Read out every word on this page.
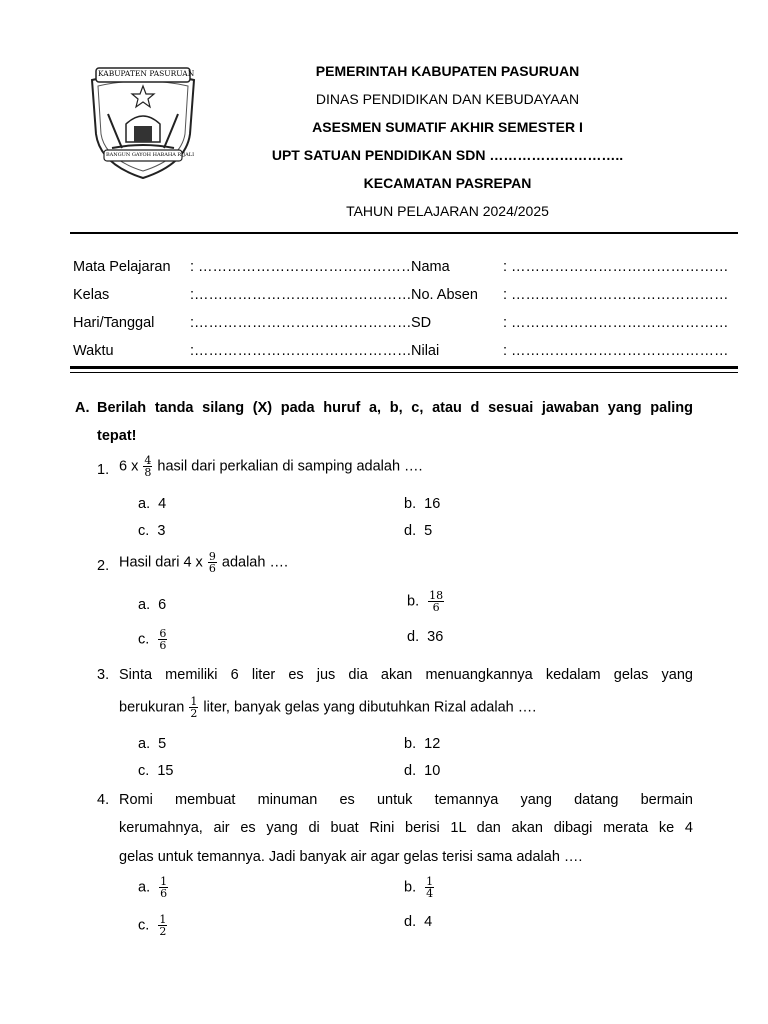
KABUPATEN PASURUAN
BANGUN GAYOH HABAHA RIJALI
PEMERINTAH KABUPATEN PASURUAN
DINAS PENDIDIKAN DAN KEBUDAYAAN
ASESMEN SUMATIF AKHIR SEMESTER I
UPT SATUAN PENDIDIKAN SDN ………………………..
KECAMATAN PASREPAN
TAHUN PELAJARAN 2024/2025
Mata Pelajaran : ………………………………………
Kelas	:………………………………………
Hari/Tanggal :………………………………………
Waktu	:………………………………………
Nama	: ………………………………………
No. Absen : ………………………………………
SD	: ………………………………………
Nilai	: ………………………………………
A. Berilah tanda silang (X) pada huruf a, b, c, atau d sesuai jawaban yang paling
tepat!
1. 6 x $\frac{4}{8}$ hasil dari perkalian di samping adalah ….
a. 4	b. 16
c. 3	d. 5
2. Hasil dari 4 x $\frac{9}{6}$ adalah ….
a. 6	b. $\frac{18}{6}$
c. $\frac{6}{6}$	d. 36
3. Sinta memiliki 6 liter es jus dia akan menuangkannya kedalam gelas yang
berukuran $\frac{1}{2}$ liter, banyak gelas yang dibutuhkan Rizal adalah ….
a. 5	b. 12
c. 15	d. 10
4. Romi membuat minuman es untuk temannya yang datang bermain
kerumahnya, air es yang di buat Rini berisi 1L dan akan dibagi merata ke 4
gelas untuk temannya. Jadi banyak air agar gelas terisi sama adalah ….
a. $\frac{1}{6}$	b. $\frac{1}{4}$
c. $\frac{1}{2}$	d. 4
